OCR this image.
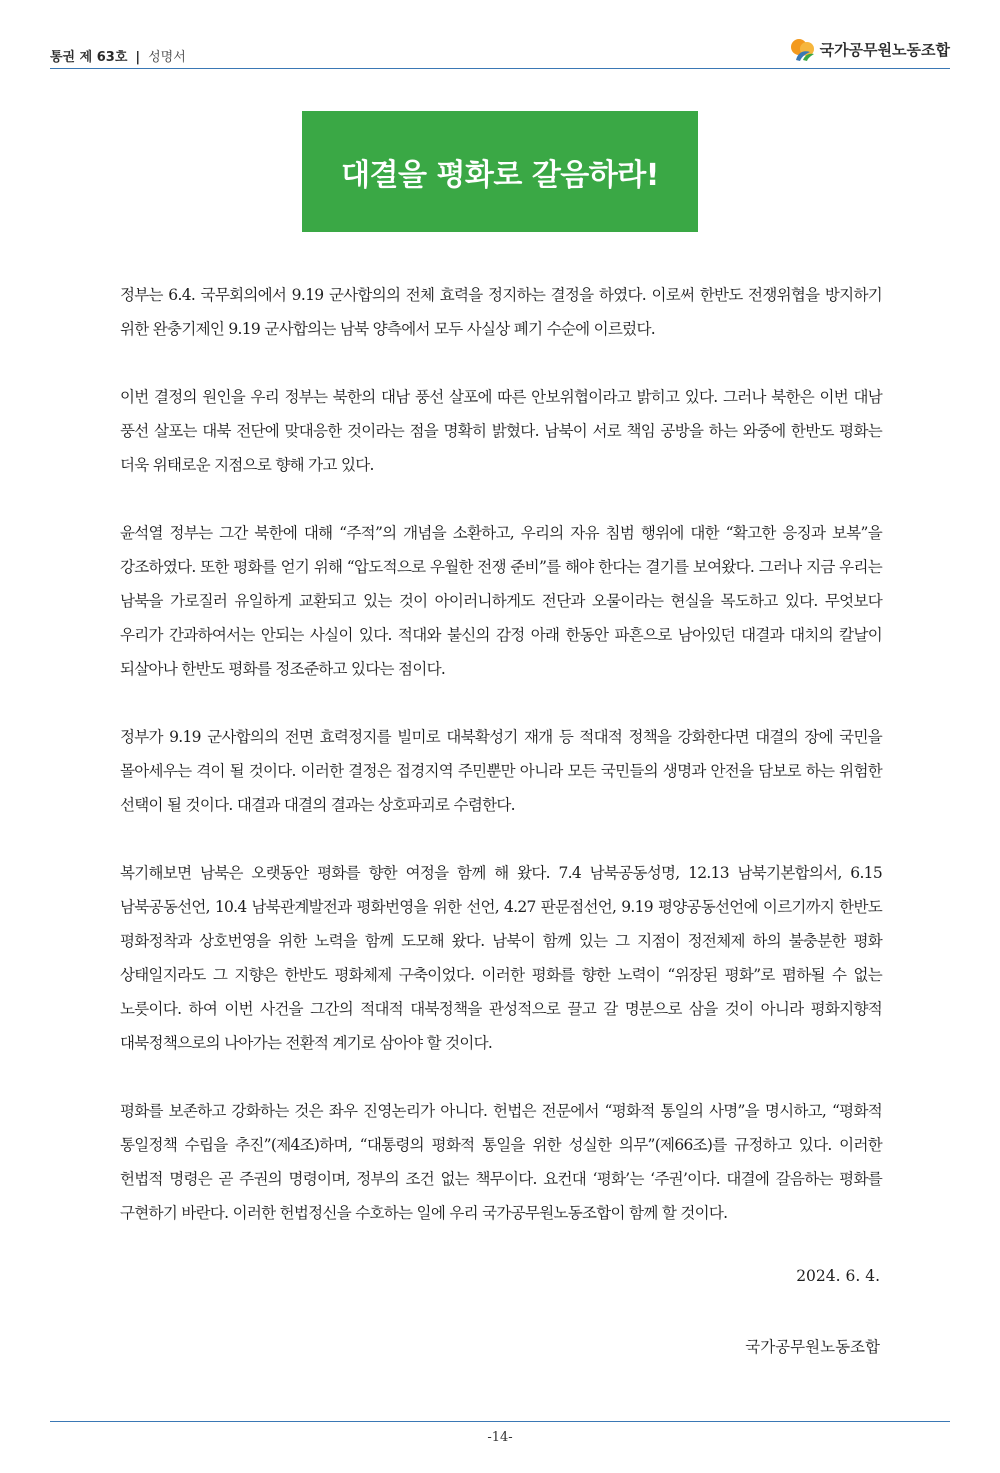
통권 제 63호 | 성명서	국가공무원노동조합
대결을 평화로 갈음하라!

정부는 6.4. 국무회의에서 9.19 군사합의의 전체 효력을 정지하는 결정을 하였다. 이로써 한반도 전쟁위협을 방지하기 위한 완충기제인 9.19 군사합의는 남북 양측에서 모두 사실상 폐기 수순에 이르렀다.

이번 결정의 원인을 우리 정부는 북한의 대남 풍선 살포에 따른 안보위협이라고 밝히고 있다. 그러나 북한은 이번 대남 풍선 살포는 대북 전단에 맞대응한 것이라는 점을 명확히 밝혔다. 남북이 서로 책임 공방을 하는 와중에 한반도 평화는 더욱 위태로운 지점으로 향해 가고 있다.

윤석열 정부는 그간 북한에 대해 “주적”의 개념을 소환하고, 우리의 자유 침범 행위에 대한 “확고한 응징과 보복”을 강조하였다. 또한 평화를 얻기 위해 “압도적으로 우월한 전쟁 준비”를 해야 한다는 결기를 보여왔다. 그러나 지금 우리는 남북을 가로질러 유일하게 교환되고 있는 것이 아이러니하게도 전단과 오물이라는 현실을 목도하고 있다. 무엇보다 우리가 간과하여서는 안되는 사실이 있다. 적대와 불신의 감정 아래 한동안 파흔으로 남아있던 대결과 대치의 칼날이 되살아나 한반도 평화를 정조준하고 있다는 점이다.

정부가 9.19 군사합의의 전면 효력정지를 빌미로 대북확성기 재개 등 적대적 정책을 강화한다면 대결의 장에 국민을 몰아세우는 격이 될 것이다. 이러한 결정은 접경지역 주민뿐만 아니라 모든 국민들의 생명과 안전을 담보로 하는 위험한 선택이 될 것이다. 대결과 대결의 결과는 상호파괴로 수렴한다.

복기해보면 남북은 오랫동안 평화를 향한 여정을 함께 해 왔다. 7.4 남북공동성명, 12.13 남북기본합의서, 6.15 남북공동선언, 10.4 남북관계발전과 평화번영을 위한 선언, 4.27 판문점선언, 9.19 평양공동선언에 이르기까지 한반도 평화정착과 상호번영을 위한 노력을 함께 도모해 왔다. 남북이 함께 있는 그 지점이 정전체제 하의 불충분한 평화 상태일지라도 그 지향은 한반도 평화체제 구축이었다. 이러한 평화를 향한 노력이 “위장된 평화”로 폄하될 수 없는 노릇이다. 하여 이번 사건을 그간의 적대적 대북정책을 관성적으로 끌고 갈 명분으로 삼을 것이 아니라 평화지향적 대북정책으로의 나아가는 전환적 계기로 삼아야 할 것이다.

평화를 보존하고 강화하는 것은 좌우 진영논리가 아니다. 헌법은 전문에서 “평화적 통일의 사명”을 명시하고, “평화적 통일정책 수립을 추진”(제4조)하며, “대통령의 평화적 통일을 위한 성실한 의무”(제66조)를 규정하고 있다. 이러한 헌법적 명령은 곧 주권의 명령이며, 정부의 조건 없는 책무이다. 요컨대 ‘평화’는 ‘주권’이다. 대결에 갈음하는 평화를 구현하기 바란다. 이러한 헌법정신을 수호하는 일에 우리 국가공무원노동조합이 함께 할 것이다.

2024. 6. 4.
국가공무원노동조합
-14-
